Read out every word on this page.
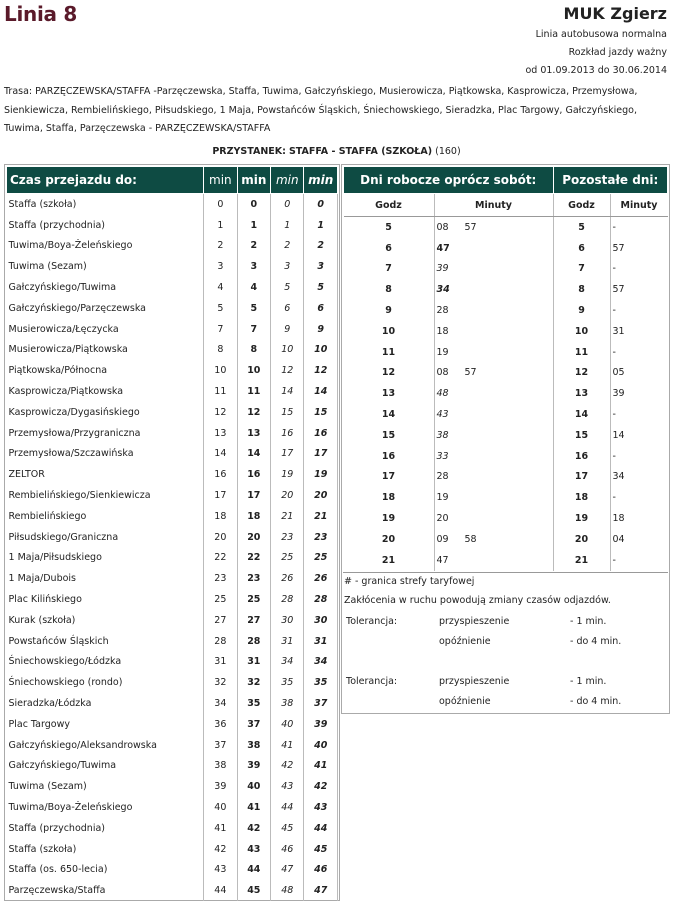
Linia 8	MUK Zgierz
Linia autobusowa normalna
Rozkład jazdy ważny
od 01.09.2013 do 30.06.2014
Trasa: PARZĘCZEWSKA/STAFFA -Parzęczewska, Staffa, Tuwima, Gałczyńskiego, Musierowicza, Piątkowska, Kasprowicza, Przemysłowa, Sienkiewicza, Rembielińskiego, Piłsudskiego, 1 Maja, Powstańców Śląskich, Śniechowskiego, Sieradzka, Plac Targowy, Gałczyńskiego, Tuwima, Staffa, Parzęczewska - PARZĘCZEWSKA/STAFFA
PRZYSTANEK: STAFFA - STAFFA (SZKOŁA) (160)
Czas przejazdu do:	min	min	min	min
Staffa (szkoła)	0	0	0	0
Staffa (przychodnia)	1	1	1	1
Tuwima/Boya-Żeleńskiego	2	2	2	2
Tuwima (Sezam)	3	3	3	3
Gałczyńskiego/Tuwima	4	4	5	5
Gałczyńskiego/Parzęczewska	5	5	6	6
Musierowicza/Łęczycka	7	7	9	9
Musierowicza/Piątkowska	8	8	10	10
Piątkowska/Północna	10	10	12	12
Kasprowicza/Piątkowska	11	11	14	14
Kasprowicza/Dygasińskiego	12	12	15	15
Przemysłowa/Przygraniczna	13	13	16	16
Przemysłowa/Szczawińska	14	14	17	17
ZELTOR	16	16	19	19
Rembielińskiego/Sienkiewicza	17	17	20	20
Rembielińskiego	18	18	21	21
Piłsudskiego/Graniczna	20	20	23	23
1 Maja/Piłsudskiego	22	22	25	25
1 Maja/Dubois	23	23	26	26
Plac Kilińskiego	25	25	28	28
Kurak (szkoła)	27	27	30	30
Powstańców Śląskich	28	28	31	31
Śniechowskiego/Łódzka	31	31	34	34
Śniechowskiego (rondo)	32	32	35	35
Sieradzka/Łódzka	34	35	38	37
Plac Targowy	36	37	40	39
Gałczyńskiego/Aleksandrowska	37	38	41	40
Gałczyńskiego/Tuwima	38	39	42	41
Tuwima (Sezam)	39	40	43	42
Tuwima/Boya-Żeleńskiego	40	41	44	43
Staffa (przychodnia)	41	42	45	44
Staffa (szkoła)	42	43	46	45
Staffa (os. 650-lecia)	43	44	47	46
Parzęczewska/Staffa	44	45	48	47
Dni robocze oprócz sobót:			Pozostałe dni:	
Godz	Minuty		Godz	Minuty
5	08	57	5	-
6	47		6	57
7	39		7	-
8	34		8	57
9	28		9	-
10	18		10	31
11	19		11	-
12	08	57	12	05
13	48		13	39
14	43		14	-
15	38		15	14
16	33		16	-
17	28		17	34
18	19		18	-
19	20		19	18
20	09	58	20	04
21	47		21	-
# - granica strefy taryfowej
Zakłócenia w ruchu powodują zmiany czasów odjazdów.
Tolerancja:	przyspieszenie	- 1 min.
opóźnienie	- do 4 min.
Tolerancja:	przyspieszenie	- 1 min.
opóźnienie	- do 4 min.
